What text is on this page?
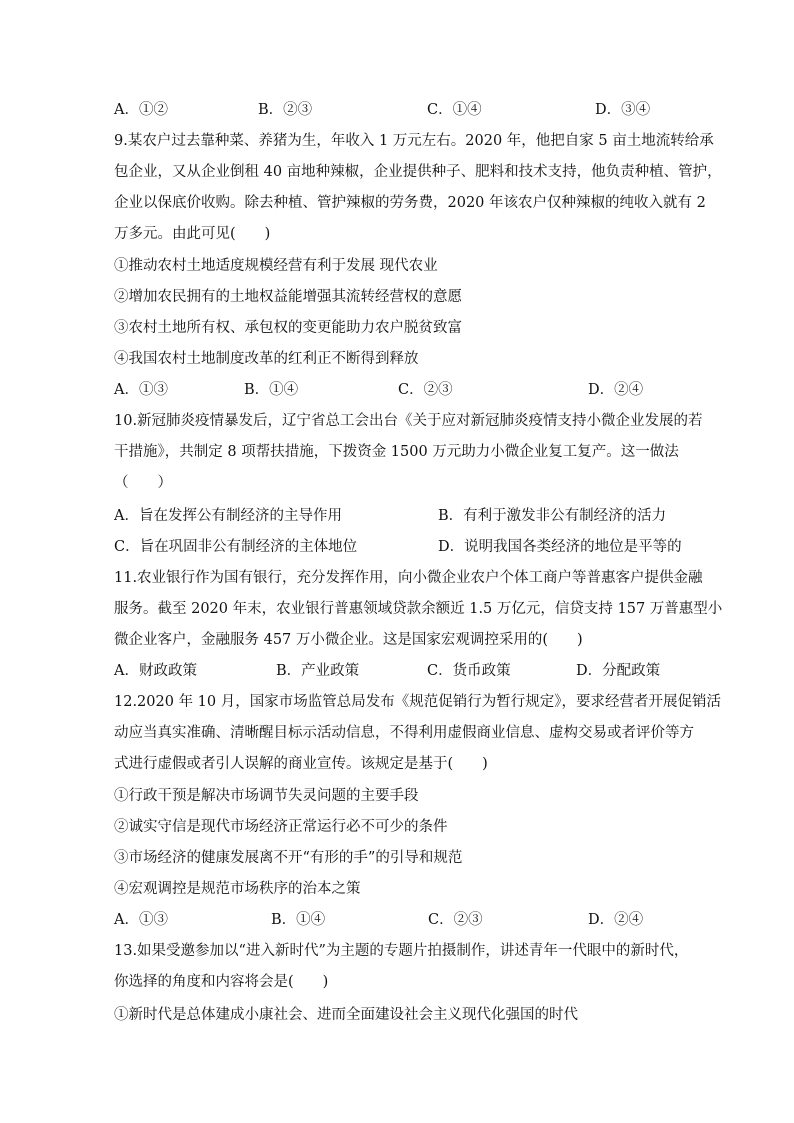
A．①②	B．②③	C．①④	D．③④
9.某农户过去靠种菜、养猪为生，年收入 1 万元左右。2020 年，他把自家 5 亩土地流转给承
包企业，又从企业倒租 40 亩地种辣椒，企业提供种子、肥料和技术支持，他负责种植、管护，
企业以保底价收购。除去种植、管护辣椒的劳务费，2020 年该农户仅种辣椒的纯收入就有 2
万多元。由此可见(　　)
①推动农村土地适度规模经营有利于发展 现代农业
②增加农民拥有的土地权益能增强其流转经营权的意愿
③农村土地所有权、承包权的变更能助力农户脱贫致富
④我国农村土地制度改革的红利正不断得到释放
A．①③	B．①④	C．②③	D．②④
10.新冠肺炎疫情暴发后，辽宁省总工会出台《关于应对新冠肺炎疫情支持小微企业发展的若
干措施》，共制定 8 项帮扶措施，下拨资金 1500 万元助力小微企业复工复产。这一做法
（　　）
A．旨在发挥公有制经济的主导作用	B．有利于激发非公有制经济的活力
C．旨在巩固非公有制经济的主体地位	D．说明我国各类经济的地位是平等的
11.农业银行作为国有银行，充分发挥作用，向小微企业农户个体工商户等普惠客户提供金融
服务。截至 2020 年末，农业银行普惠领域贷款余额近 1.5 万亿元，信贷支持 157 万普惠型小
微企业客户，金融服务 457 万小微企业。这是国家宏观调控采用的(　　)
A．财政政策	B．产业政策	C．货币政策	D．分配政策
12.2020 年 10 月，国家市场监管总局发布《规范促销行为暂行规定》，要求经营者开展促销活
动应当真实准确、清晰醒目标示活动信息，不得利用虚假商业信息、虚构交易或者评价等方
式进行虚假或者引人误解的商业宣传。该规定是基于(　　)
①行政干预是解决市场调节失灵问题的主要手段
②诚实守信是现代市场经济正常运行必不可少的条件
③市场经济的健康发展离不开“有形的手”的引导和规范
④宏观调控是规范市场秩序的治本之策
A．①③	B．①④	C．②③	D．②④
13.如果受邀参加以“进入新时代”为主题的专题片拍摄制作，讲述青年一代眼中的新时代，
你选择的角度和内容将会是(　　)
①新时代是总体建成小康社会、进而全面建设社会主义现代化强国的时代
